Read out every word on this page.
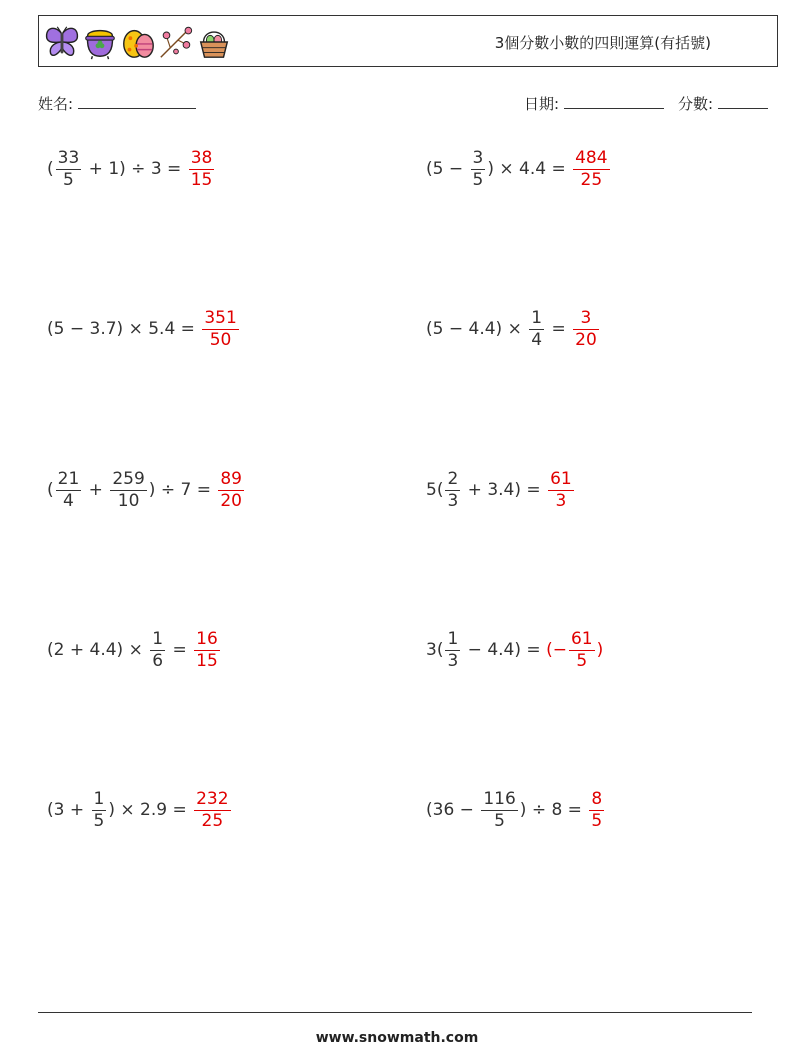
3個分數小數的四則運算(有括號)
姓名:	日期:	分數:
( $\frac{33}{5} + 1) \div 3 = \frac{38}{15}$	($5 - \frac{3}{5}$ ) × $4.4 = \frac{484}{25}$
$(5 - 3.7) \times 5.4 = \frac{351}{50}$	$(5 - 4.4) \times \frac{1}{4} = \frac{3}{20}$
( $\frac{21}{4} + \frac{259}{10}$ ) ÷ $7 = \frac{89}{20}$	$5( \frac{2}{3} + 3.4) = \frac{61}{3}$
$(2 + 4.4) \times \frac{1}{6} = \frac{16}{15}$	$3( \frac{1}{3} - 4.4)$ = (− $\frac{61}{5}$ )
($3 + \frac{1}{5}$ ) × $2.9 = \frac{232}{25}$	($36 - \frac{116}{5}$ ) ÷ $8 = \frac{8}{5}$
www.snowmath.com
